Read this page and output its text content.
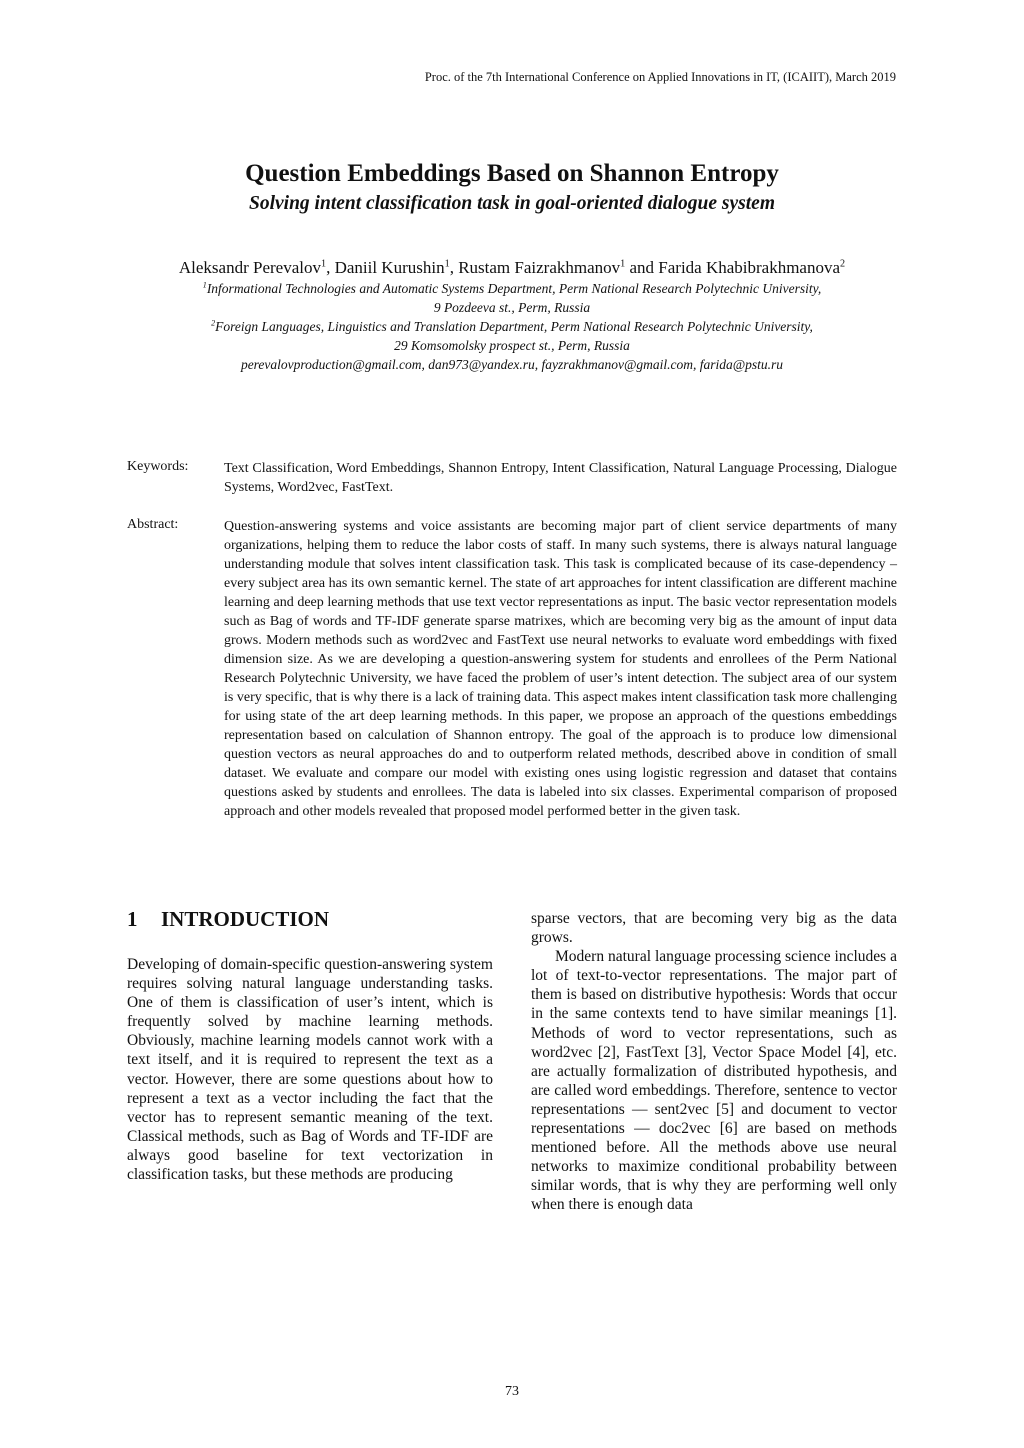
Proc. of the 7th International Conference on Applied Innovations in IT, (ICAIIT), March 2019
Question Embeddings Based on Shannon Entropy
Solving intent classification task in goal-oriented dialogue system
Aleksandr Perevalov$^1$, Daniil Kurushin$^1$, Rustam Faizrakhmanov$^1$ and Farida Khabibrakhmanova$^2$
$^1$Informational Technologies and Automatic Systems Department, Perm National Research Polytechnic University,
9 Pozdeeva st., Perm, Russia
$^2$Foreign Languages, Linguistics and Translation Department, Perm National Research Polytechnic University,
29 Komsomolsky prospect st., Perm, Russia
perevalovproduction@gmail.com, dan973@yandex.ru, fayzrakhmanov@gmail.com, farida@pstu.ru
Keywords:	Text Classification, Word Embeddings, Shannon Entropy, Intent Classification, Natural Language Processing, Dialogue Systems, Word2vec, FastText.
Abstract:	Question-answering systems and voice assistants are becoming major part of client service departments of many organizations, helping them to reduce the labor costs of staff. In many such systems, there is always natural language understanding module that solves intent classification task. This task is complicated because of its case-dependency – every subject area has its own semantic kernel. The state of art approaches for intent classification are different machine learning and deep learning methods that use text vector representations as input. The basic vector representation models such as Bag of words and TF-IDF generate sparse matrixes, which are becoming very big as the amount of input data grows. Modern methods such as word2vec and FastText use neural networks to evaluate word embeddings with fixed dimension size. As we are developing a question-answering system for students and enrollees of the Perm National Research Polytechnic University, we have faced the problem of user’s intent detection. The subject area of our system is very specific, that is why there is a lack of training data. This aspect makes intent classification task more challenging for using state of the art deep learning methods. In this paper, we propose an approach of the questions embeddings representation based on calculation of Shannon entropy. The goal of the approach is to produce low dimensional question vectors as neural approaches do and to outperform related methods, described above in condition of small dataset. We evaluate and compare our model with existing ones using logistic regression and dataset that contains questions asked by students and enrollees. The data is labeled into six classes. Experimental comparison of proposed approach and other models revealed that proposed model performed better in the given task.
1 INTRODUCTION

Developing of domain-specific question-answering system requires solving natural language understanding tasks. One of them is classification of user’s intent, which is frequently solved by machine learning methods. Obviously, machine learning models cannot work with a text itself, and it is required to represent the text as a vector. However, there are some questions about how to represent a text as a vector including the fact that the vector has to represent semantic meaning of the text. Classical methods, such as Bag of Words and TF-IDF are always good baseline for text vectorization in classification tasks, but these methods are producing

sparse vectors, that are becoming very big as the data grows.

Modern natural language processing science includes a lot of text-to-vector representations. The major part of them is based on distributive hypothesis: Words that occur in the same contexts tend to have similar meanings [1]. Methods of word to vector representations, such as word2vec [2], FastText [3], Vector Space Model [4], etc. are actually formalization of distributed hypothesis, and are called word embeddings. Therefore, sentence to vector representations — sent2vec [5] and document to vector representations — doc2vec [6] are based on methods mentioned before. All the methods above use neural networks to maximize conditional probability between similar words, that is why they are performing well only when there is enough data

73
